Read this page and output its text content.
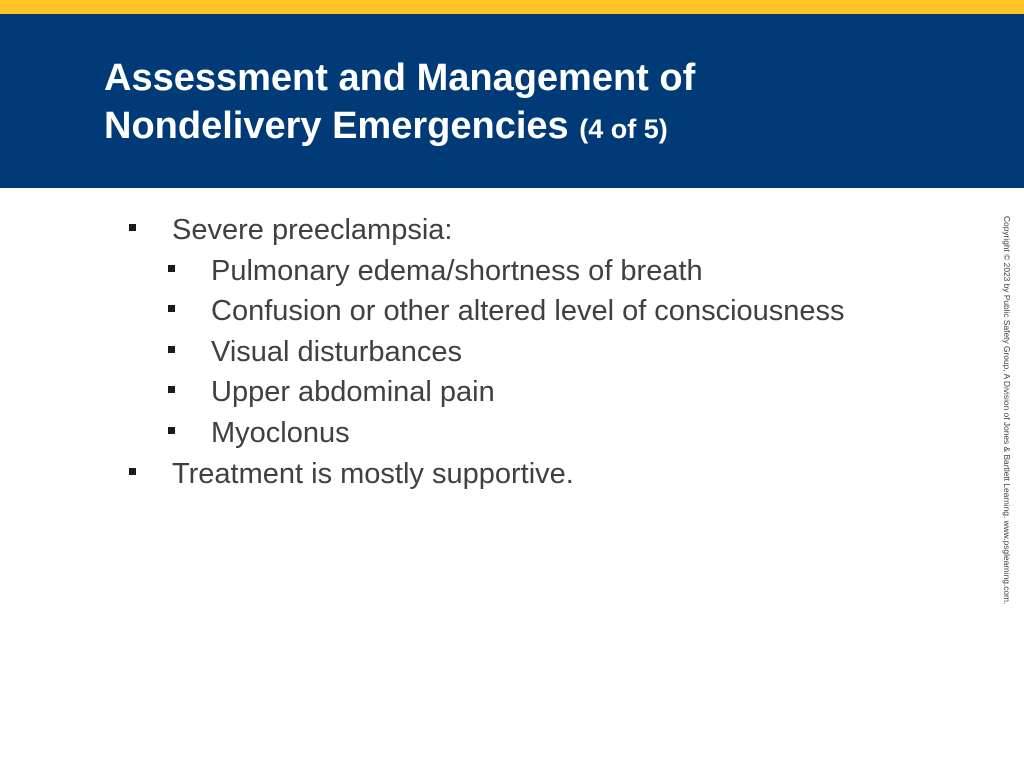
Assessment and Management of
Nondelivery Emergencies (4 of 5)
Severe preeclampsia:
Pulmonary edema/shortness of breath
Confusion or other altered level of consciousness
Visual disturbances
Upper abdominal pain
Myoclonus
Treatment is mostly supportive.	Copyright © 2023 by Public Safety Group, A Division of Jones & Bartlett Learning. www.psglearning.com.
